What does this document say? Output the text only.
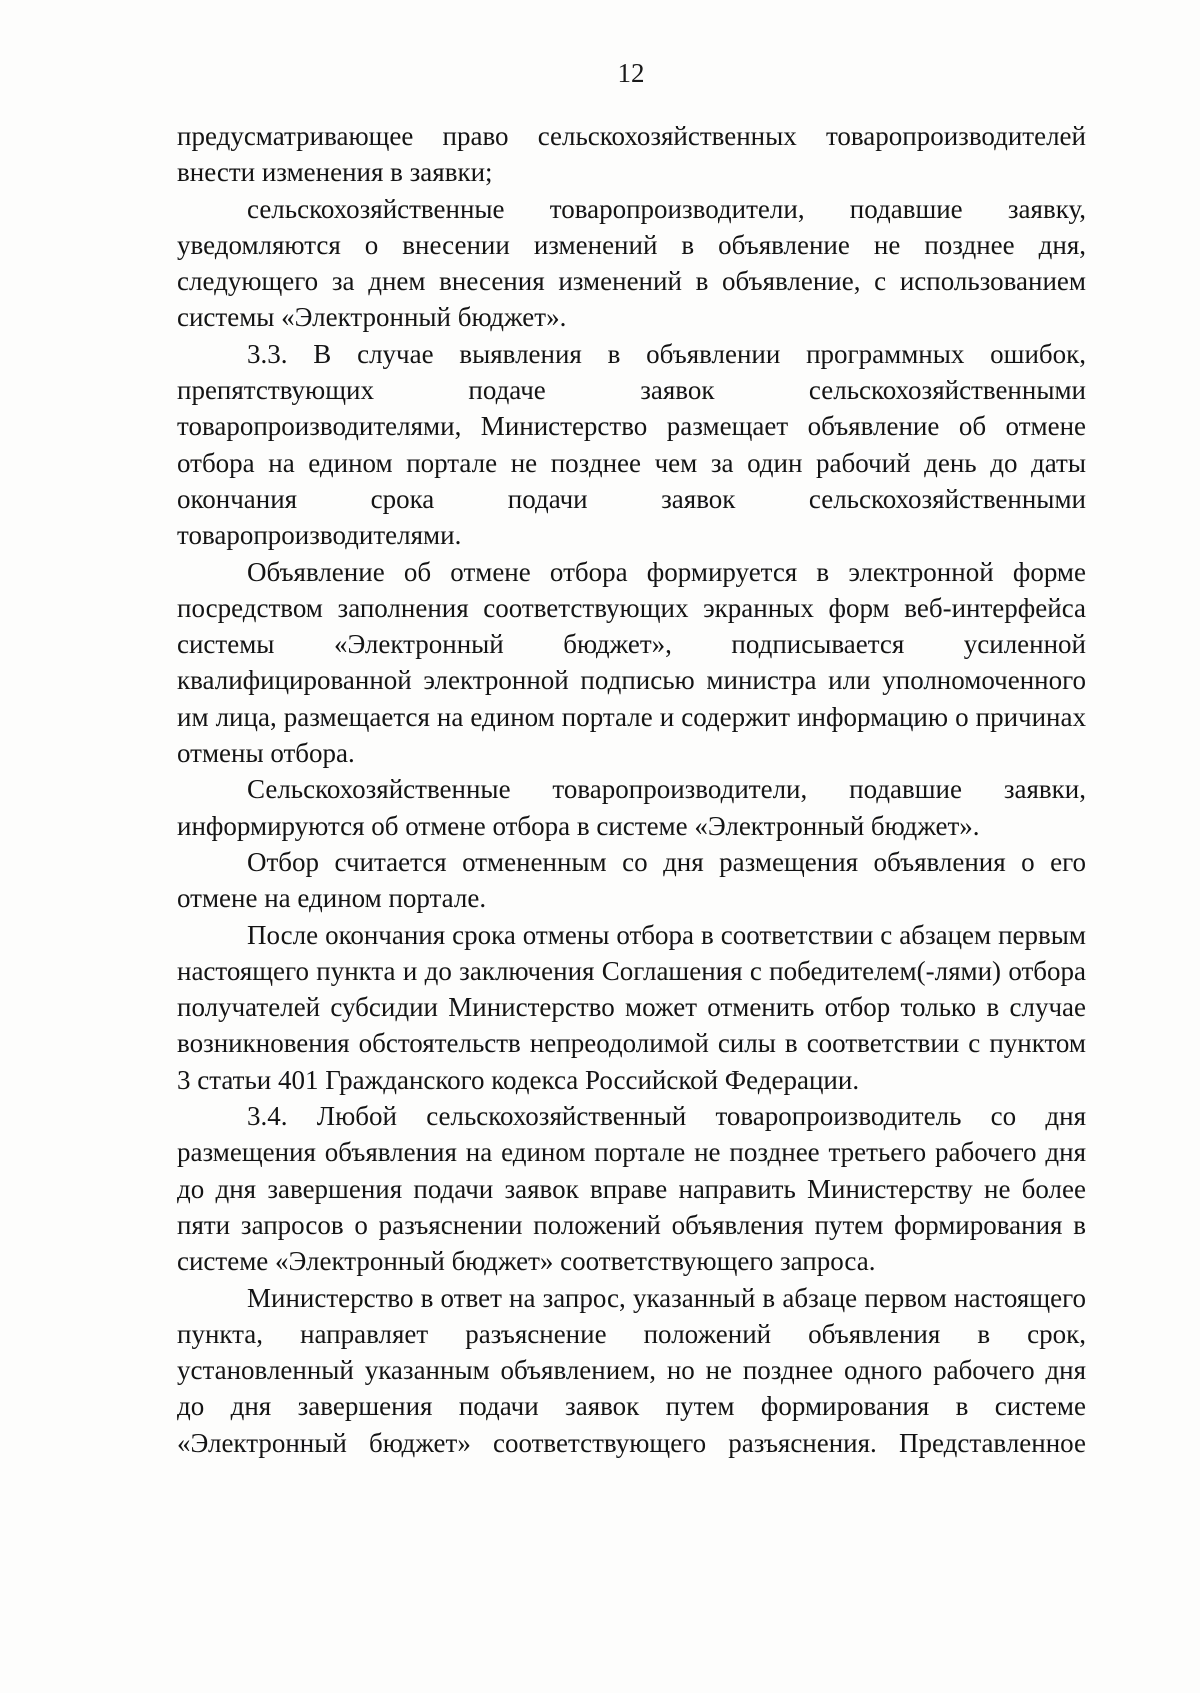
12

предусматривающее право сельскохозяйственных товаропроизводителей внести изменения в заявки;

сельскохозяйственные товаропроизводители, подавшие заявку, уведомляются о внесении изменений в объявление не позднее дня, следующего за днем внесения изменений в объявление, с использованием системы «Электронный бюджет».

3.3. В случае выявления в объявлении программных ошибок, препятствующих подаче заявок сельскохозяйственными товаропроизводителями, Министерство размещает объявление об отмене отбора на едином портале не позднее чем за один рабочий день до даты окончания срока подачи заявок сельскохозяйственными товаропроизводителями.

Объявление об отмене отбора формируется в электронной форме посредством заполнения соответствующих экранных форм веб-интерфейса системы «Электронный бюджет», подписывается усиленной квалифицированной электронной подписью министра или уполномоченного им лица, размещается на едином портале и содержит информацию о причинах отмены отбора.

Сельскохозяйственные товаропроизводители, подавшие заявки, информируются об отмене отбора в системе «Электронный бюджет».

Отбор считается отмененным со дня размещения объявления о его отмене на едином портале.

После окончания срока отмены отбора в соответствии с абзацем первым настоящего пункта и до заключения Соглашения с победителем(-лями) отбора получателей субсидии Министерство может отменить отбор только в случае возникновения обстоятельств непреодолимой силы в соответствии с пунктом 3 статьи 401 Гражданского кодекса Российской Федерации.

3.4. Любой сельскохозяйственный товаропроизводитель со дня размещения объявления на едином портале не позднее третьего рабочего дня до дня завершения подачи заявок вправе направить Министерству не более пяти запросов о разъяснении положений объявления путем формирования в системе «Электронный бюджет» соответствующего запроса.

Министерство в ответ на запрос, указанный в абзаце первом настоящего пункта, направляет разъяснение положений объявления в срок, установленный указанным объявлением, но не позднее одного рабочего дня до дня завершения подачи заявок путем формирования в системе «Электронный бюджет» соответствующего разъяснения. Представленное
